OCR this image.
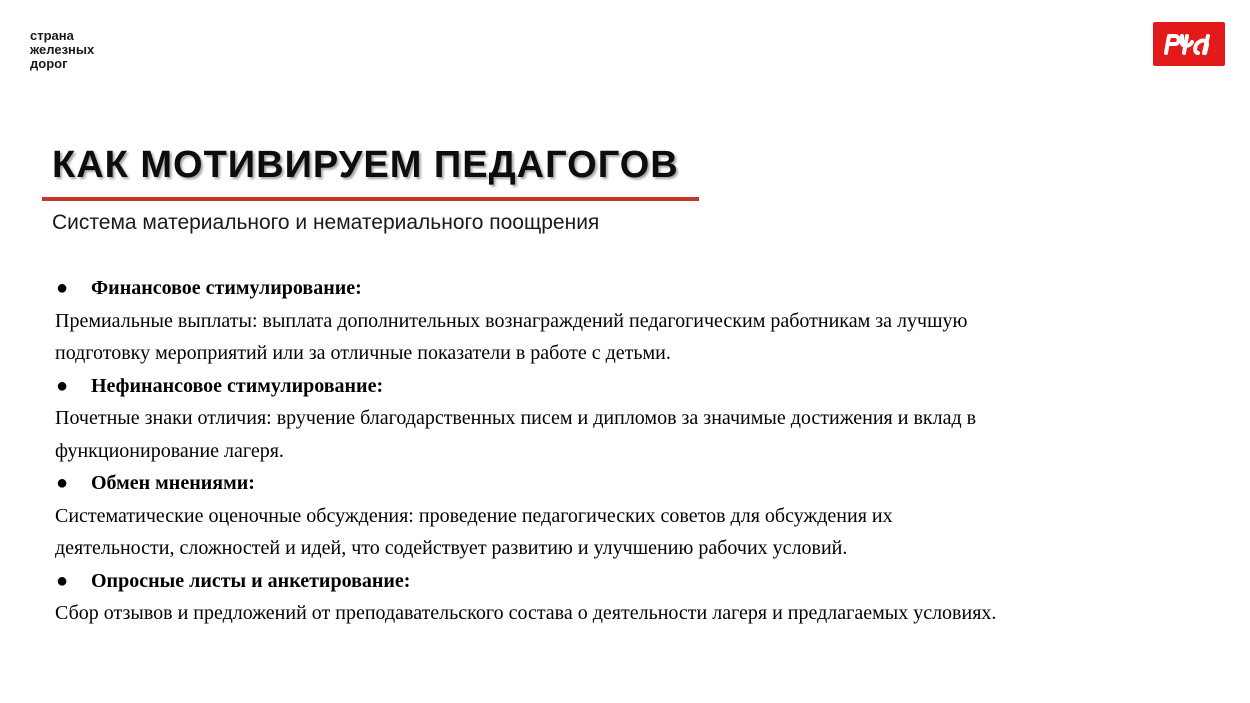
страна
железных
дорог
КАК МОТИВИРУЕМ ПЕДАГОГОВ
Система материального и нематериального поощрения
●	Финансовое стимулирование:
Премиальные выплаты: выплата дополнительных вознаграждений педагогическим работникам за лучшую
подготовку мероприятий или за отличные показатели в работе с детьми.
●	Нефинансовое стимулирование:
Почетные знаки отличия: вручение благодарственных писем и дипломов за значимые достижения и вклад в
функционирование лагеря.
●	Обмен мнениями:
Систематические оценочные обсуждения: проведение педагогических советов для обсуждения их
деятельности, сложностей и идей, что содействует развитию и улучшению рабочих условий.
●	Опросные листы и анкетирование:
Сбор отзывов и предложений от преподавательского состава о деятельности лагеря и предлагаемых условиях.
